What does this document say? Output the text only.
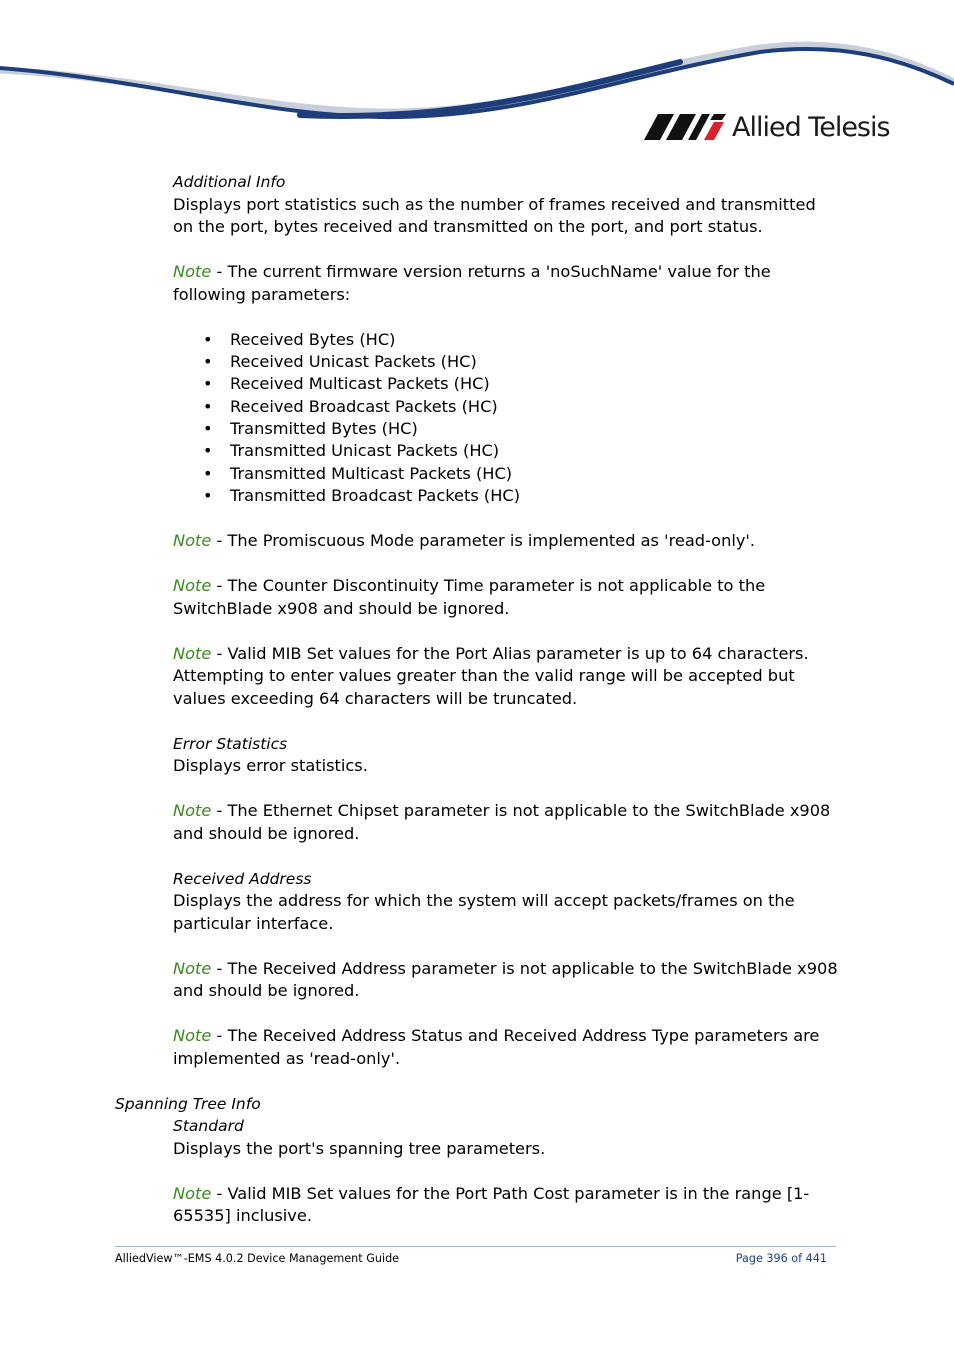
Allied Telesis

Additional Info

Displays port statistics such as the number of frames received and transmitted on the port, bytes received and transmitted on the port, and port status.

Note - The current firmware version returns a 'noSuchName' value for the following parameters:

• Received Bytes (HC)
• Received Unicast Packets (HC)
• Received Multicast Packets (HC)
• Received Broadcast Packets (HC)
• Transmitted Bytes (HC)
• Transmitted Unicast Packets (HC)
• Transmitted Multicast Packets (HC)
• Transmitted Broadcast Packets (HC)

Note - The Promiscuous Mode parameter is implemented as 'read-only'.

Note - The Counter Discontinuity Time parameter is not applicable to the SwitchBlade x908 and should be ignored.

Note - Valid MIB Set values for the Port Alias parameter is up to 64 characters. Attempting to enter values greater than the valid range will be accepted but values exceeding 64 characters will be truncated.

Error Statistics

Displays error statistics.

Note - The Ethernet Chipset parameter is not applicable to the SwitchBlade x908 and should be ignored.

Received Address

Displays the address for which the system will accept packets/frames on the particular interface.

Note - The Received Address parameter is not applicable to the SwitchBlade x908 and should be ignored.

Note - The Received Address Status and Received Address Type parameters are implemented as 'read-only'.

Spanning Tree Info

Standard

Displays the port's spanning tree parameters.

Note - Valid MIB Set values for the Port Path Cost parameter is in the range [1-65535] inclusive.

AlliedView™-EMS 4.0.2 Device Management Guide	Page 396 of 441
